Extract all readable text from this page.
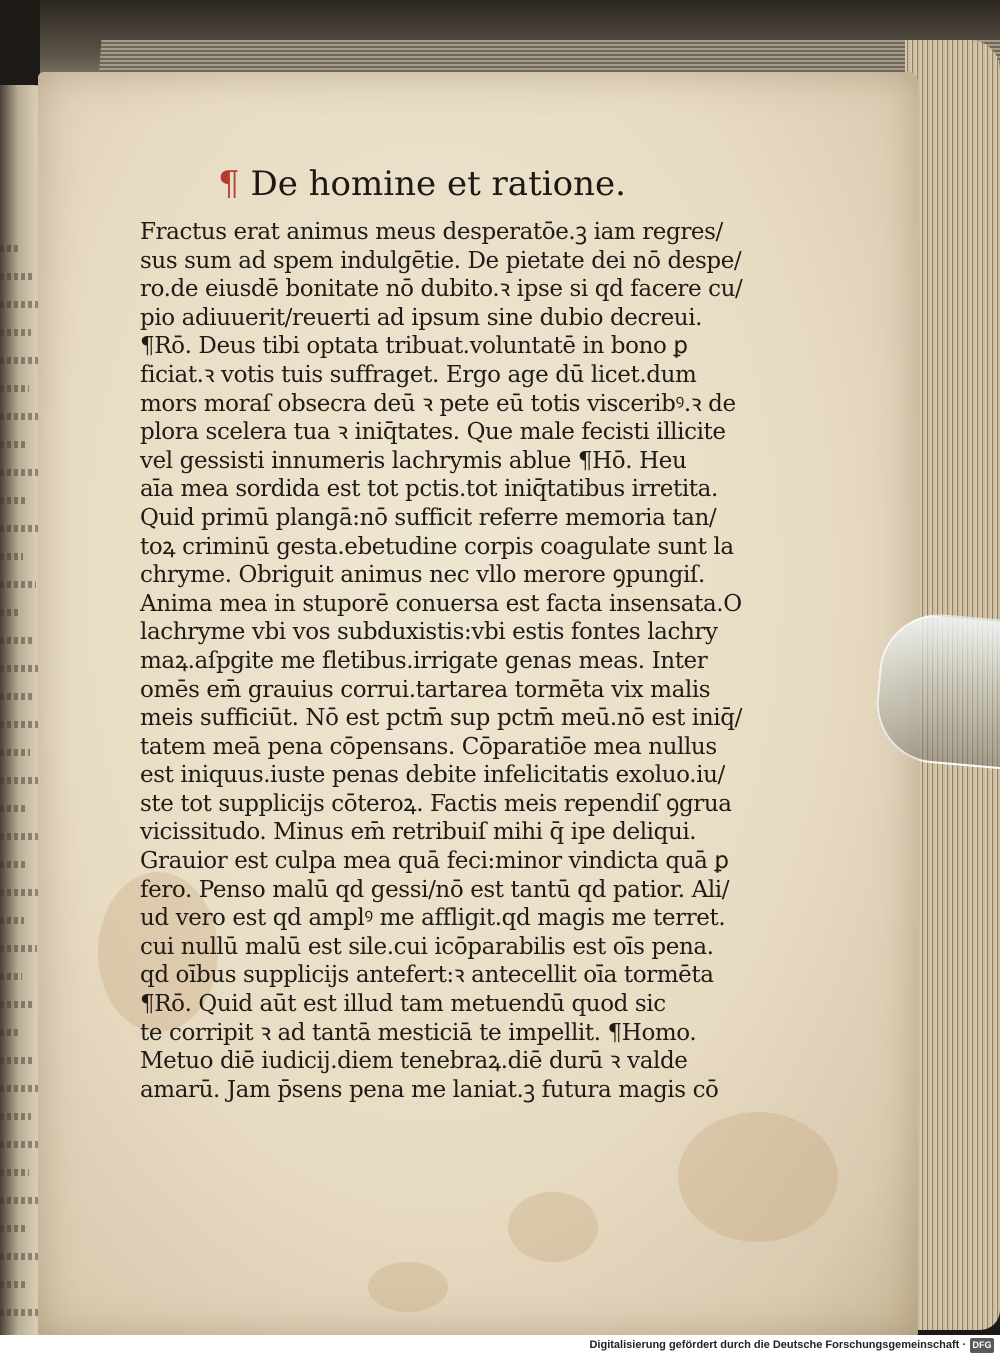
¶ De homine et ratione.
Fractus erat animus meus desperatōe.ꝫ iam regres/
sus sum ad spem indulgētie. De pietate dei nō despe/
ro.de eiusdē bonitate nō dubito.ꝛ ipse si qd facere cu/
pio adiuuerit/reuerti ad ipsum sine dubio decreui.
¶Rō. Deus tibi optata tribuat.voluntatē in bono ꝑ
ficiat.ꝛ votis tuis suffraget. Ergo age dū licet.dum
mors moraſ obsecra deū ꝛ pete eū totis visceribꝰ.ꝛ de
plora scelera tua ꝛ iniq̄tates. Que male fecisti illicite
vel gessisti innumeris lachrymis ablue ¶Hō. Heu
aīa mea sordida est tot pctis.tot iniq̄tatibus irretita.
Quid primū plangā:nō sufficit referre memoria tan/
toꝝ criminū gesta.ebetudine corpis coagulate sunt la
chryme. Obriguit animus nec vllo merore ꝯpungiſ.
Anima mea in stuporē conuersa est facta insensata.O
lachryme vbi vos subduxistis:vbi estis fontes lachry
maꝝ.aſpgite me fletibus.irrigate genas meas. Inter
omēs em̄ grauius corrui.tartarea tormēta vix malis
meis sufficiūt. Nō est pctm̄ sup pctm̄ meū.nō est iniq̄/
tatem meā pena cōpensans. Cōparatiōe mea nullus
est iniquus.iuste penas debite infelicitatis exoluo.iu/
ste tot supplicijs cōteroꝝ. Factis meis rependiſ ꝯgrua
vicissitudo. Minus em̄ retribuiſ mihi q̄ ipe deliqui.
Grauior est culpa mea quā feci:minor vindicta quā ꝑ
fero. Penso malū qd gessi/nō est tantū qd patior. Ali/
ud vero est qd amplꝰ me affligit.qd magis me terret.
cui nullū malū est sile.cui icōparabilis est oīs pena.
qd oībus supplicijs antefert:ꝛ antecellit oīa tormēta
¶Rō. Quid aūt est illud tam metuendū quod sic
te corripit ꝛ ad tantā mesticiā te impellit. ¶Homo.
Metuo diē iudicij.diem tenebraꝝ.diē durū ꝛ valde
amarū. Jam p̄sens pena me laniat.ꝫ futura magis cō
Digitalisierung gefördert durch die Deutsche Forschungsgemeinschaft · DFG
